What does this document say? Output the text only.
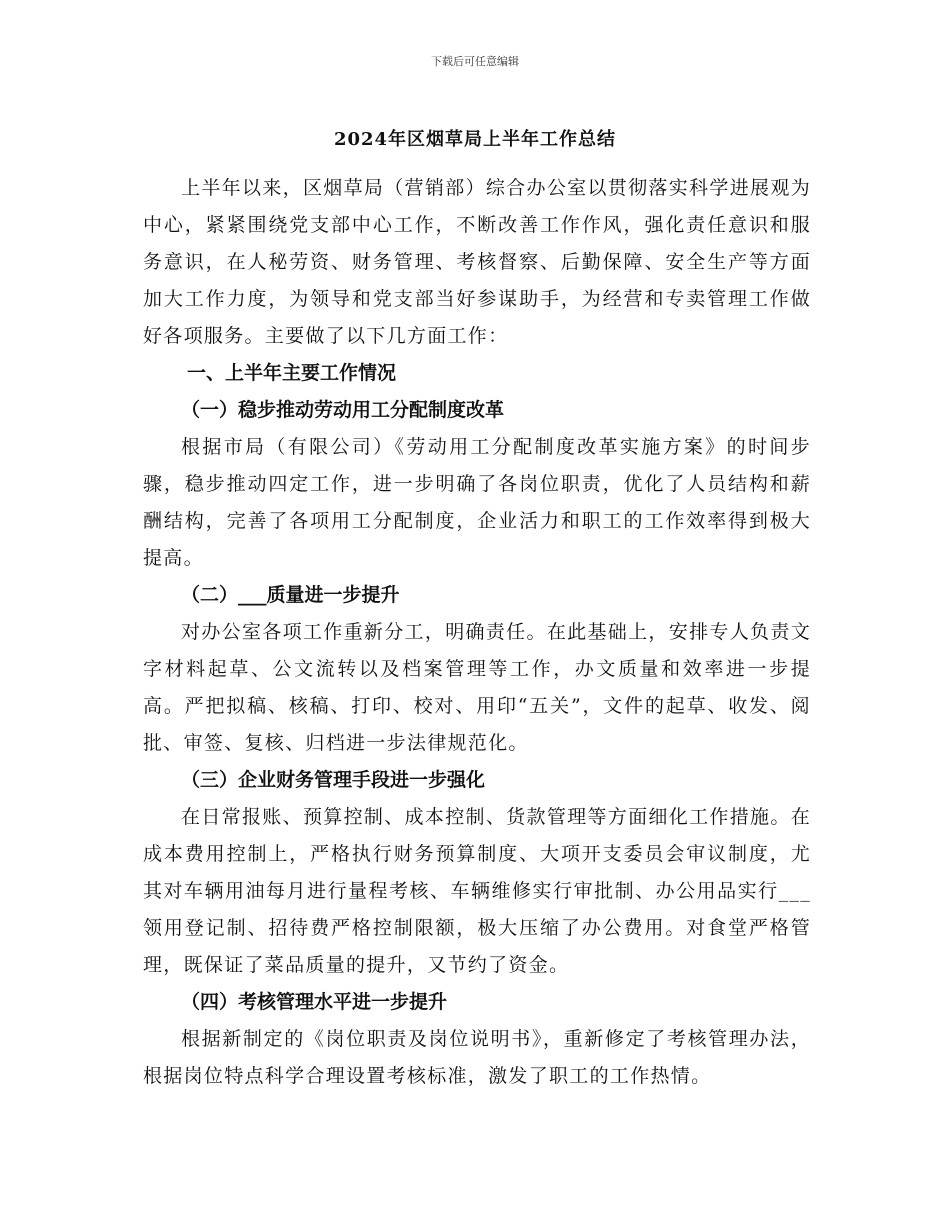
下载后可任意编辑
2024年区烟草局上半年工作总结

上半年以来，区烟草局（营销部）综合办公室以贯彻落实科学进展观为中心，紧紧围绕党支部中心工作，不断改善工作作风，强化责任意识和服务意识，在人秘劳资、财务管理、考核督察、后勤保障、安全生产等方面加大工作力度，为领导和党支部当好参谋助手，为经营和专卖管理工作做好各项服务。主要做了以下几方面工作：

一、上半年主要工作情况

（一）稳步推动劳动用工分配制度改革

根据市局（有限公司）《劳动用工分配制度改革实施方案》的时间步骤，稳步推动四定工作，进一步明确了各岗位职责，优化了人员结构和薪酬结构，完善了各项用工分配制度，企业活力和职工的工作效率得到极大提高。

（二）___质量进一步提升

对办公室各项工作重新分工，明确责任。在此基础上，安排专人负责文字材料起草、公文流转以及档案管理等工作，办文质量和效率进一步提高。严把拟稿、核稿、打印、校对、用印“五关”，文件的起草、收发、阅批、审签、复核、归档进一步法律规范化。

（三）企业财务管理手段进一步强化

在日常报账、预算控制、成本控制、货款管理等方面细化工作措施。在成本费用控制上，严格执行财务预算制度、大项开支委员会审议制度，尤其对车辆用油每月进行量程考核、车辆维修实行审批制、办公用品实行___领用登记制、招待费严格控制限额，极大压缩了办公费用。对食堂严格管理，既保证了菜品质量的提升，又节约了资金。

（四）考核管理水平进一步提升

根据新制定的《岗位职责及岗位说明书》，重新修定了考核管理办法，根据岗位特点科学合理设置考核标准，激发了职工的工作热情。
